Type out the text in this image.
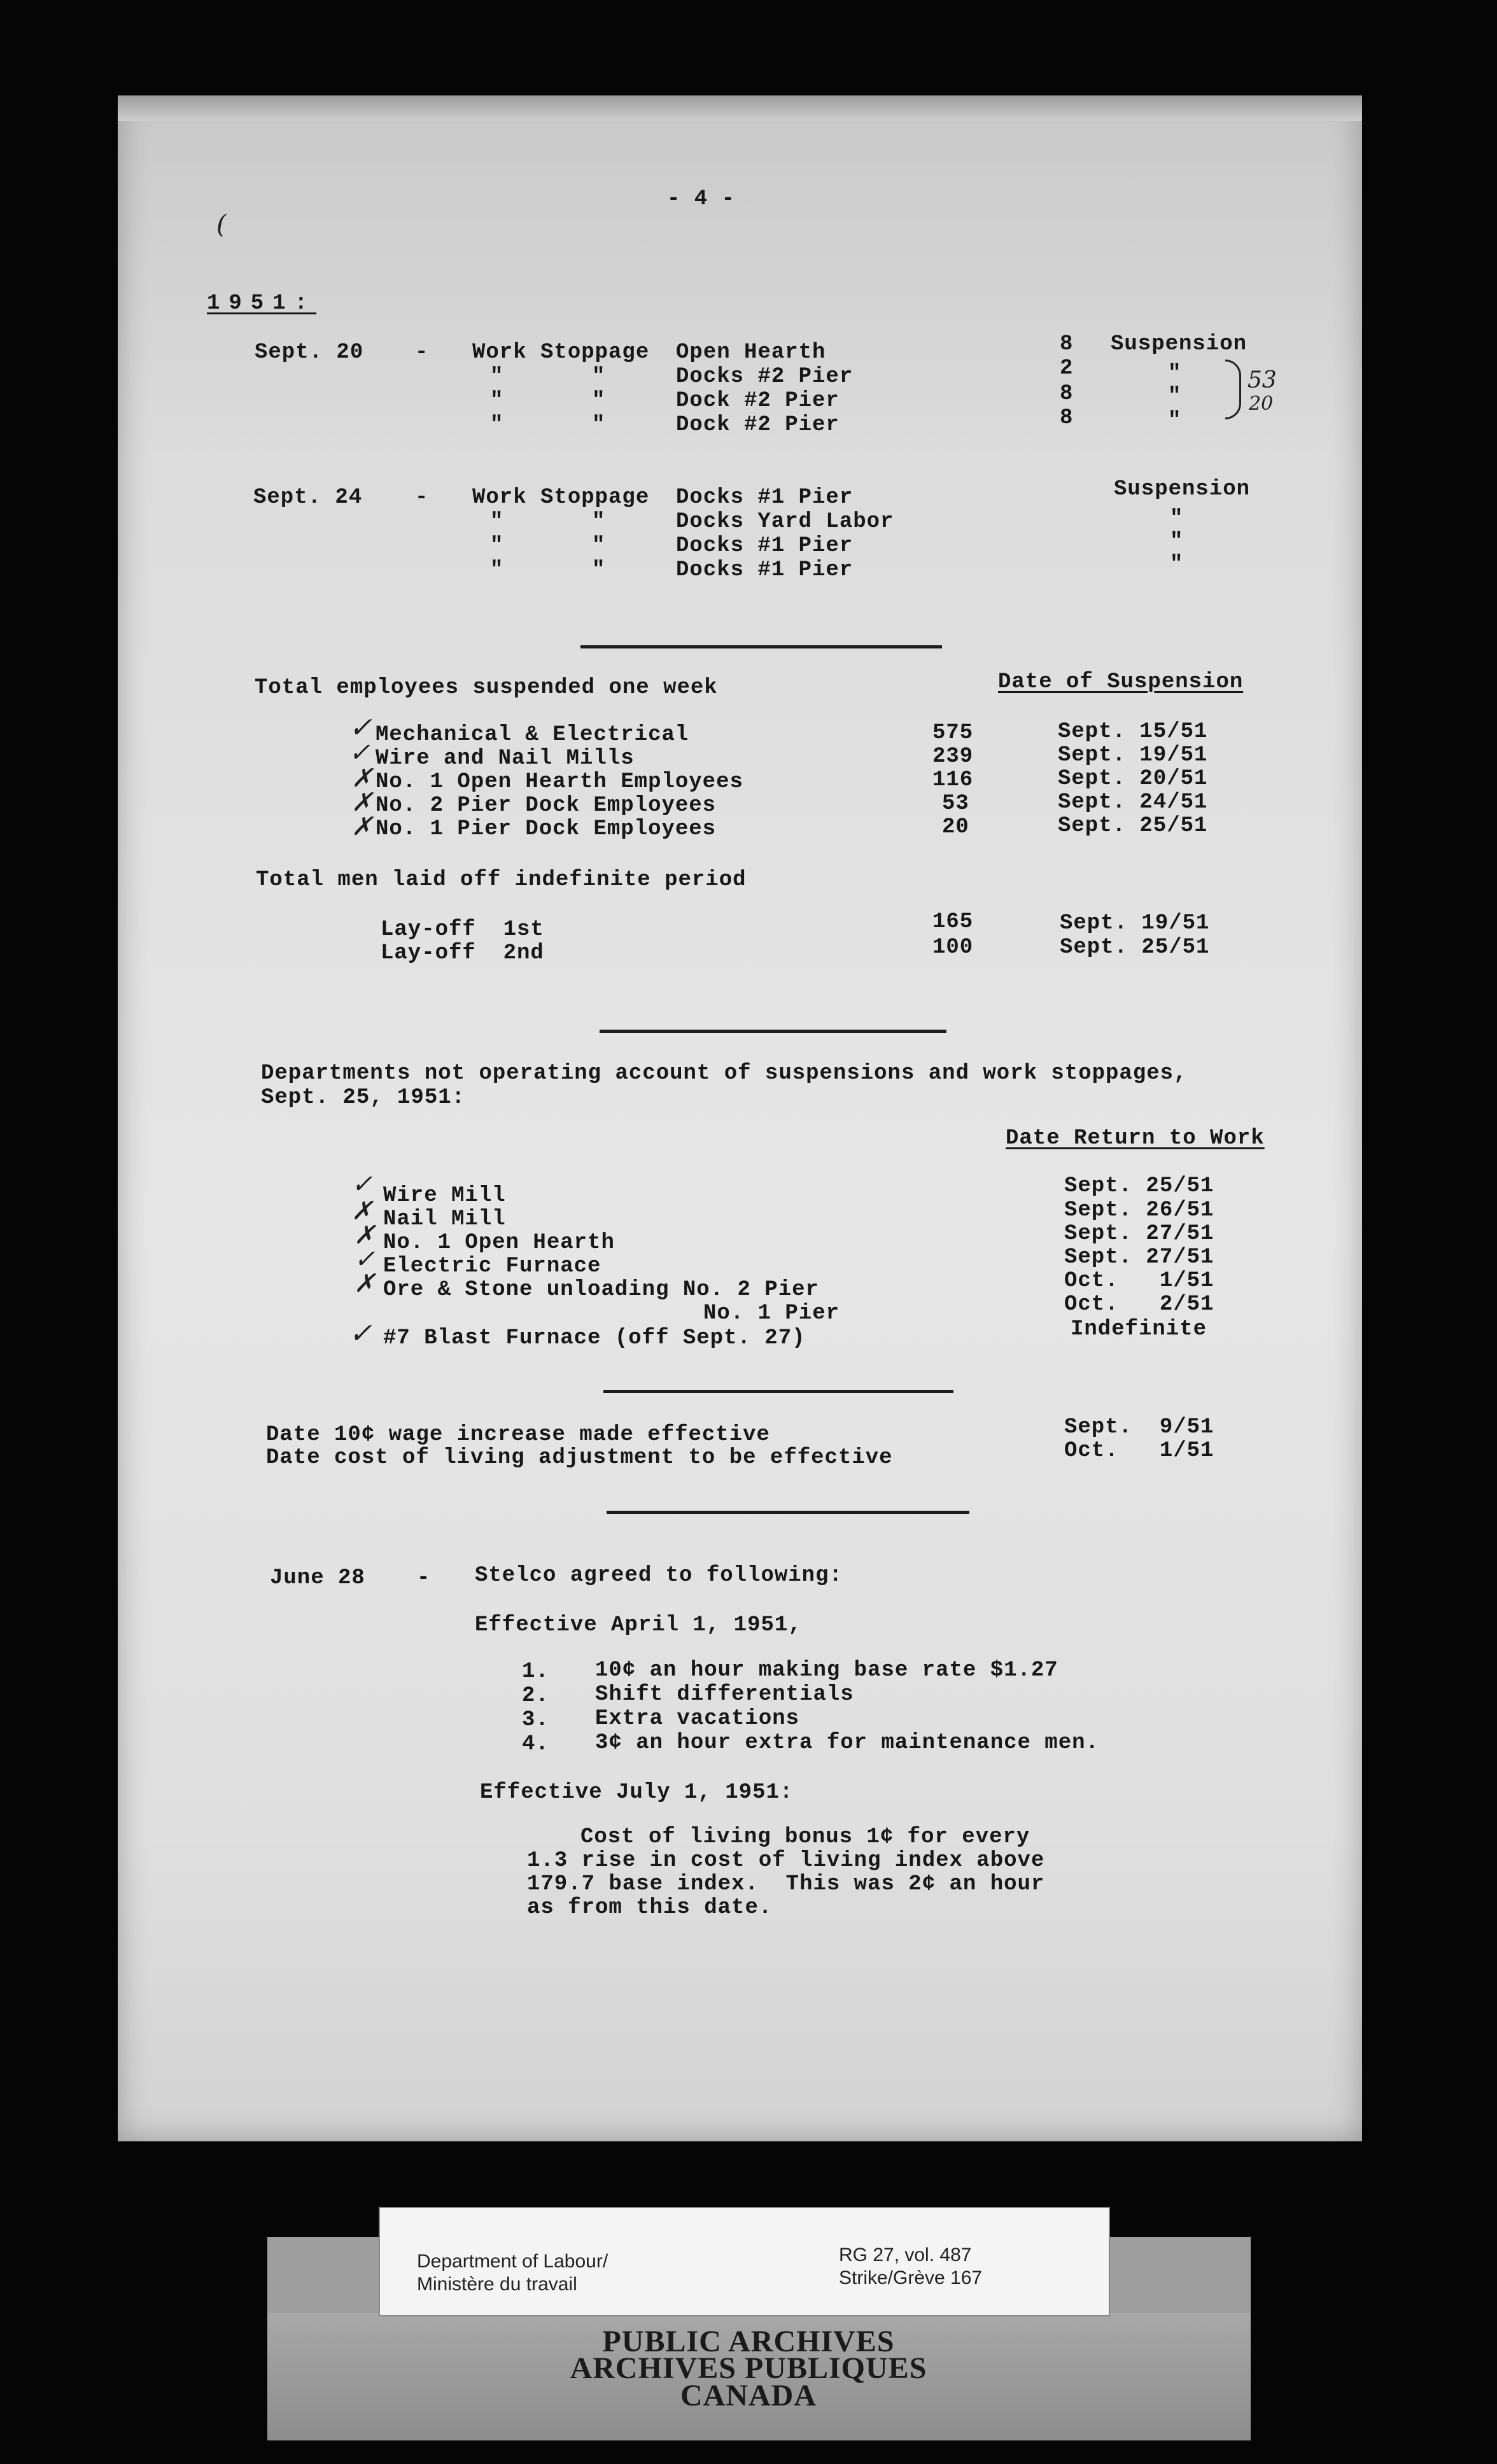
- 4 -
1951:
(
Sept. 20 - Work Stoppage Open Hearth	8 Suspension
"	"	Docks #2 Pier	2	"
"	"	Dock #2 Pier	8	"
"	"	Dock #2 Pier	8	"
53
20
Sept. 24 - Work Stoppage Docks #1 Pier	Suspension
"	"	Docks Yard Labor	"
"	"	Docks #1 Pier	"
"	"	Docks #1 Pier	"
Total employees suspended one week	Date of Suspension
Mechanical & Electrical	575	Sept. 15/51
Wire and Nail Mills	239	Sept. 19/51
No. 1 Open Hearth Employees	116	Sept. 20/51
No. 2 Pier Dock Employees	53	Sept. 24/51
No. 1 Pier Dock Employees	20	Sept. 25/51
✓
✓
✗
✗
✗
Total men laid off indefinite period
Lay-off  1st	165	Sept. 19/51
Lay-off  2nd	100	Sept. 25/51
Departments not operating account of suspensions and work stoppages,
Sept. 25, 1951:
Date Return to Work
Wire Mill	Sept. 25/51
Nail Mill	Sept. 26/51
No. 1 Open Hearth	Sept. 27/51
Electric Furnace	Sept. 27/51
Ore & Stone unloading No. 2 Pier	Oct.   1/51
No. 1 Pier	Oct.   2/51
#7 Blast Furnace (off Sept. 27)	Indefinite
✓
✗
✗
✓
✗
✓
Date 10¢ wage increase made effective	Sept.  9/51
Date cost of living adjustment to be effective	Oct.   1/51
June 28 - Stelco agreed to following:
Effective April 1, 1951,
1. 10¢ an hour making base rate $1.27
2. Shift differentials
3. Extra vacations
4. 3¢ an hour extra for maintenance men.
Effective July 1, 1951:
Cost of living bonus 1¢ for every
1.3 rise in cost of living index above
179.7 base index.  This was 2¢ an hour
as from this date.
Department of Labour/
Ministère du travail
RG 27, vol. 487
Strike/Grève 167
PUBLIC ARCHIVES
ARCHIVES PUBLIQUES
CANADA
